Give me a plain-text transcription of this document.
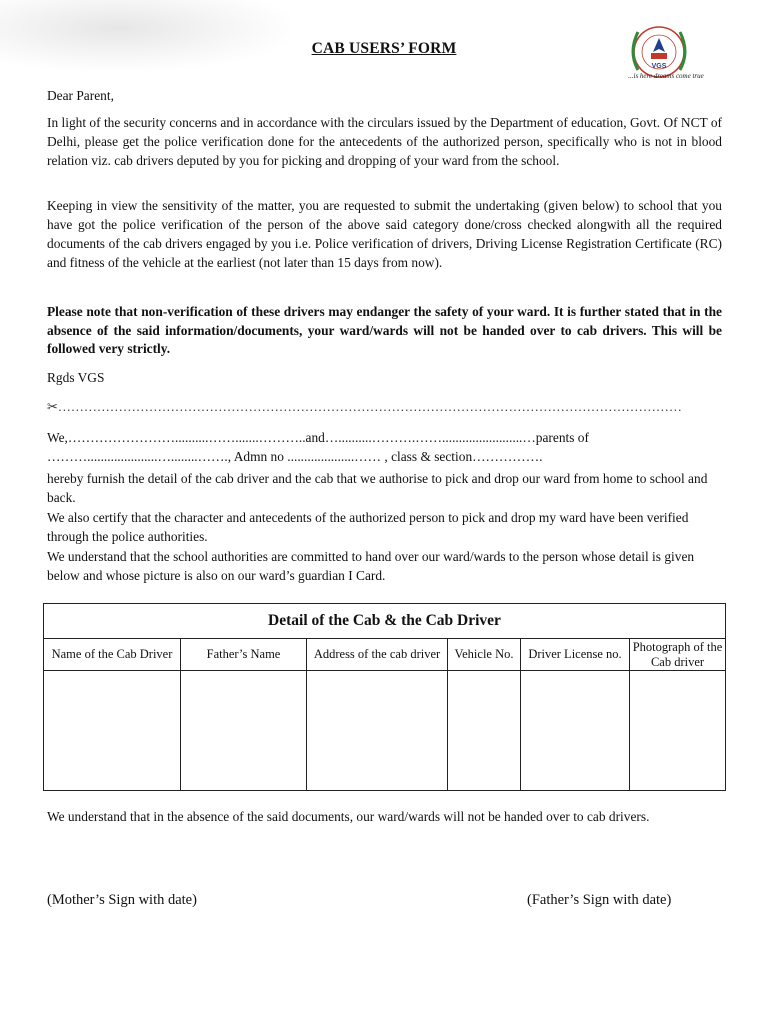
CAB USERS’ FORM
VGS
...is here dreams come true
Dear Parent,
In light of the security concerns and in accordance with the circulars issued by the Department of education, Govt. Of NCT of Delhi, please get the police verification done for the antecedents of the authorized person, specifically who is not in blood relation viz. cab drivers deputed by you for picking and dropping of your ward from the school.
Keeping in view the sensitivity of the matter, you are requested to submit the undertaking (given below) to school that you have got the police verification of the person of the above said category done/cross checked alongwith all the required documents of the cab drivers engaged by you i.e. Police verification of drivers, Driving License Registration Certificate (RC) and fitness of the vehicle at the earliest (not later than 15 days from now).
Please note that non-verification of these drivers may endanger the safety of your ward. It is further stated that in the absence of the said information/documents, your ward/wards will not be handed over to cab drivers. This will be followed very strictly.
Rgds VGS
✂………………………………………………………………………………………………………………………………
We,……………………..........…….......………..and…..........……….……........................…parents of
……….....................…........……., Admn no ....................…… , class & section…………….
hereby furnish the detail of the cab driver and the cab that we authorise to pick and drop our ward from home to school and back.
We also certify that the character and antecedents of the authorized person to pick and drop my ward have been verified through the police authorities.
We understand that the school authorities are committed to hand over our ward/wards to the person whose detail is given below and whose picture is also on our ward’s guardian I Card.
Detail of the Cab & the Cab Driver					
Name of the Cab Driver	Father’s Name	Address of the cab driver	Vehicle No.	Driver License no.	Photograph of the Cab driver

We understand that in the absence of the said documents, our ward/wards will not be handed over to cab drivers.
(Mother’s Sign with date)	(Father’s Sign with date)
